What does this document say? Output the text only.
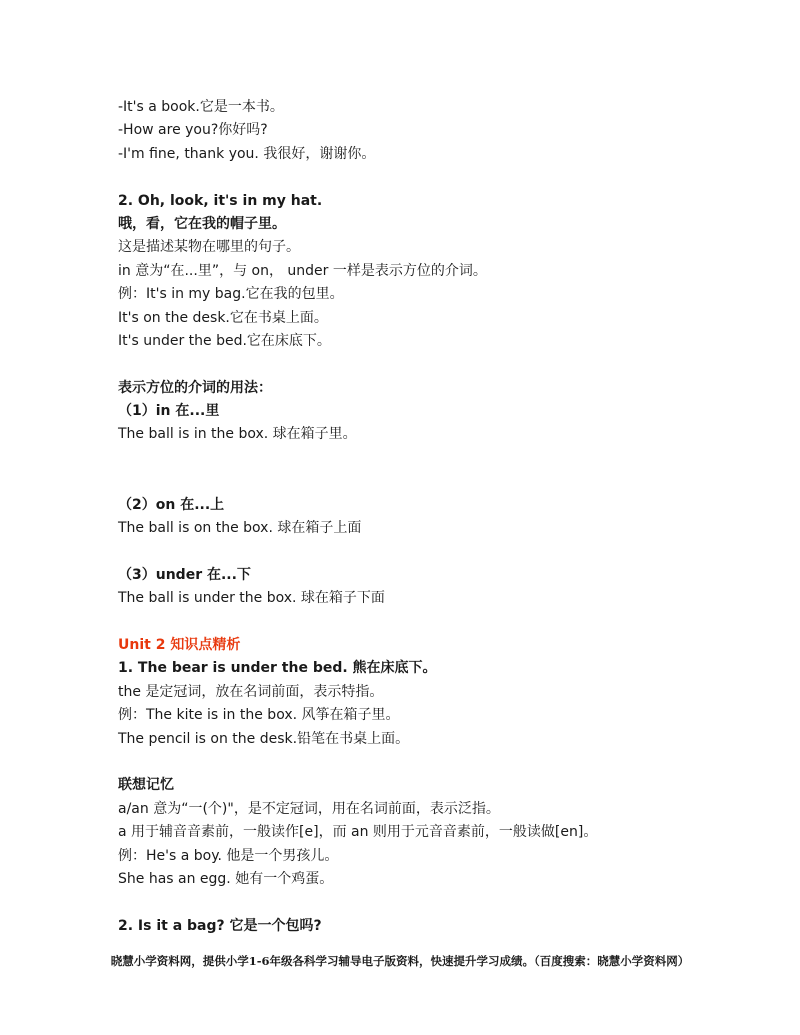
-It's a book.它是一本书。
-How are you?你好吗?
-I'm fine, thank you. 我很好，谢谢你。
2. Oh, look, it's in my hat.
哦，看，它在我的帽子里。
这是描述某物在哪里的句子。
in 意为“在...里”，与 on， under 一样是表示方位的介词。
例：It's in my bag.它在我的包里。
It's on the desk.它在书桌上面。
It's under the bed.它在床底下。
表示方位的介词的用法：
（1）in 在...里
The ball is in the box. 球在箱子里。
（2）on 在...上
The ball is on the box. 球在箱子上面
（3）under 在...下
The ball is under the box. 球在箱子下面
Unit 2 知识点精析
1. The bear is under the bed. 熊在床底下。
the 是定冠词，放在名词前面，表示特指。
例：The kite is in the box. 风筝在箱子里。
The pencil is on the desk.铅笔在书桌上面。
联想记忆
a/an 意为“一(个)"，是不定冠词，用在名词前面，表示泛指。
a 用于辅音音素前，一般读作[e]，而 an 则用于元音音素前，一般读做[en]。
例：He's a boy. 他是一个男孩儿。
She has an egg. 她有一个鸡蛋。
2. Is it a bag? 它是一个包吗?
晓慧小学资料网，提供小学1-6年级各科学习辅导电子版资料，快速提升学习成绩。（百度搜索：晓慧小学资料网）
